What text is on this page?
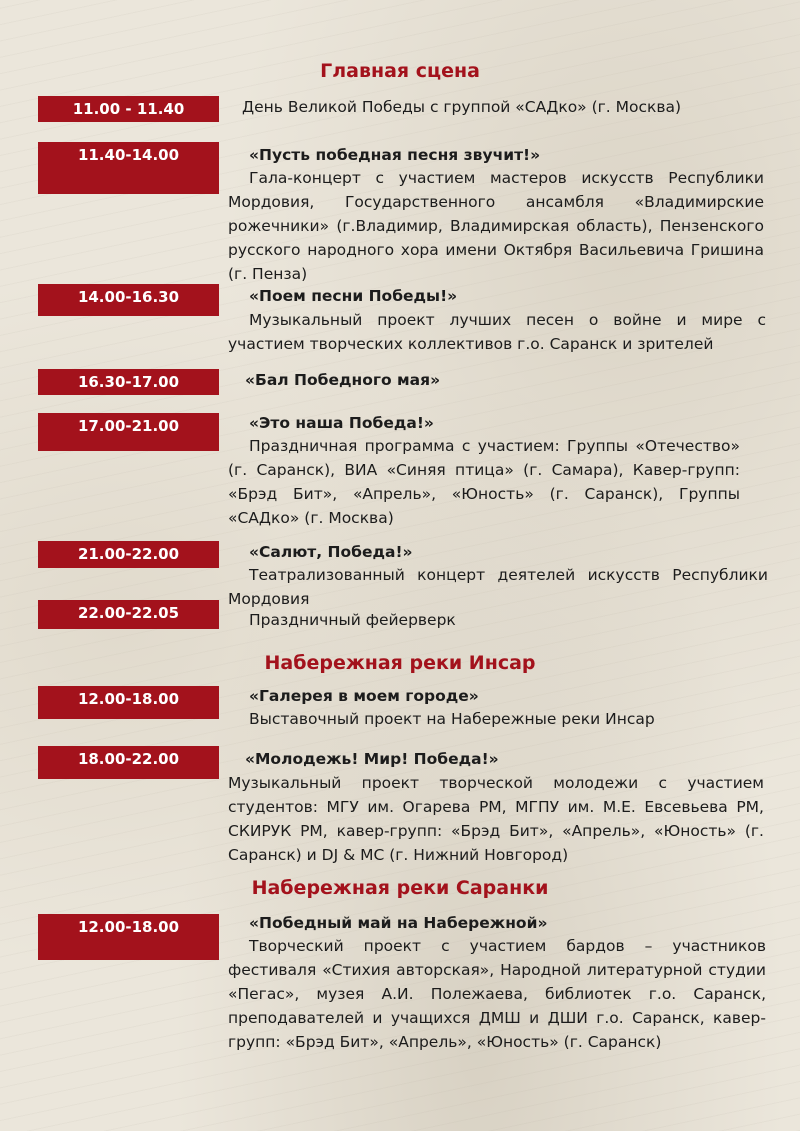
Главная сцена
11.00 - 11.40	День Великой Победы с группой «САДко» (г. Москва)
11.40-14.00	«Пусть победная песня звучит!»
Гала-концерт с участием мастеров искусств Республики Мордовия, Государственного ансамбля «Владимирские рожечники» (г.Владимир, Владимирская область), Пензенского русского народного хора имени Октября Васильевича Гришина (г. Пенза)
14.00-16.30	«Поем песни Победы!»
Музыкальный проект лучших песен о войне и мире с участием творческих коллективов г.о. Саранск и зрителей
16.30-17.00	«Бал Победного мая»
17.00-21.00	«Это наша Победа!»
Праздничная программа с участием: Группы «Отечество» (г. Саранск), ВИА «Синяя птица» (г. Самара), Кавер-групп: «Брэд Бит», «Апрель», «Юность» (г. Саранск), Группы «САДко» (г. Москва)
21.00-22.00	«Салют, Победа!»
Театрализованный концерт деятелей искусств Республики Мордовия
22.00-22.05	Праздничный фейерверк
Набережная реки Инсар
12.00-18.00	«Галерея в моем городе»
Выставочный проект на Набережные реки Инсар
18.00-22.00	«Молодежь! Мир! Победа!»
Музыкальный проект творческой молодежи с участием студентов: МГУ им. Огарева РМ, МГПУ им. М.Е. Евсевьева РМ, СКИРУК РМ, кавер-групп: «Брэд Бит», «Апрель», «Юность» (г. Саранск) и DJ & MC (г. Нижний Новгород)
Набережная реки Саранки
12.00-18.00	«Победный май на Набережной»
Творческий проект с участием бардов – участников фестиваля «Стихия авторская», Народной литературной студии «Пегас», музея А.И. Полежаева, библиотек г.о. Саранск, преподавателей и учащихся ДМШ и ДШИ г.о. Саранск, кавер-групп: «Брэд Бит», «Апрель», «Юность» (г. Саранск)
